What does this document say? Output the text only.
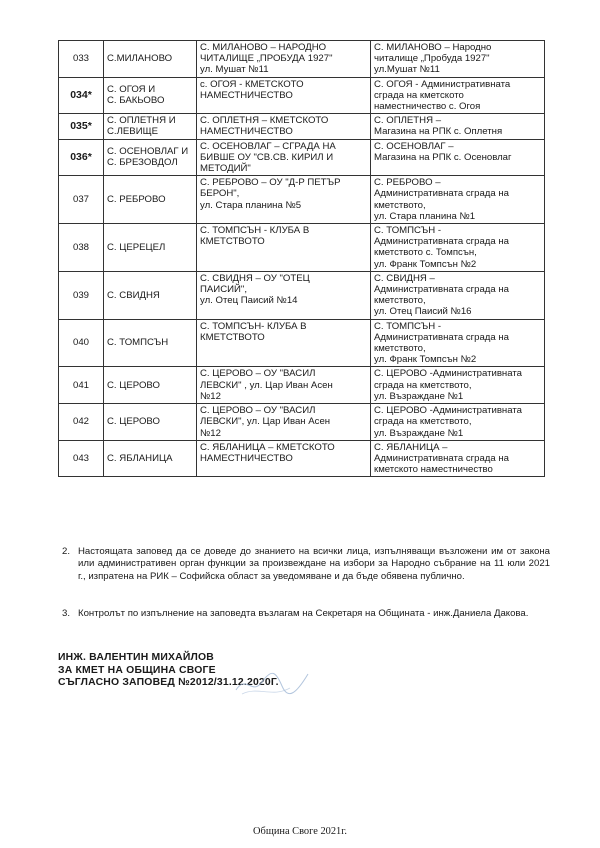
033	С.МИЛАНОВО	С. МИЛАНОВО – НАРОДНО
ЧИТАЛИЩЕ „ПРОБУДА 1927"
ул. Мушат №11	С. МИЛАНОВО – Народно
читалище „Пробуда 1927"
ул.Мушат №11

034*	С. ОГОЯ И
С. БАКЬОВО	с. ОГОЯ - КМЕТСКОТО
НАМЕСТНИЧЕСТВО	С. ОГОЯ - Административната
сграда на кметското
наместничество с. Огоя

035*	С. ОПЛЕТНЯ И
С.ЛЕВИЩЕ	С. ОПЛЕТНЯ – КМЕТСКОТО
НАМЕСТНИЧЕСТВО	С. ОПЛЕТНЯ –
Магазина на РПК с. Оплетня

036*	С. ОСЕНОВЛАГ И
С. БРЕЗОВДОЛ	С. ОСЕНОВЛАГ – СГРАДА НА
БИВШЕ ОУ "СВ.СВ. КИРИЛ И
МЕТОДИЙ"	С. ОСЕНОВЛАГ –
Магазина на РПК с. Осеновлаг

037	С. РЕБРОВО	С. РЕБРОВО – ОУ "Д-Р ПЕТЪР
БЕРОН",
ул. Стара планина №5	С. РЕБРОВО –
Административната сграда на
кметството,
ул. Стара планина №1

038	С. ЦЕРЕЦЕЛ	С. ТОМПСЪН - КЛУБА В
КМЕТСТВОТО	С. ТОМПСЪН -
Административната сграда на
кметството с. Томпсън,
ул. Франк Томпсън №2

039	С. СВИДНЯ	С. СВИДНЯ – ОУ "ОТЕЦ
ПАИСИЙ",
ул. Отец Паисий №14	С. СВИДНЯ –
Административната сграда на
кметството,
ул. Отец Паисий №16

040	С. ТОМПСЪН	С. ТОМПСЪН- КЛУБА В
КМЕТСТВОТО	С. ТОМПСЪН -
Административната сграда на
кметството,
ул. Франк Томпсън №2

041	С. ЦЕРОВО	С. ЦЕРОВО – ОУ "ВАСИЛ
ЛЕВСКИ" , ул. Цар Иван Асен
№12	С. ЦЕРОВО -Административната
сграда на кметството,
ул. Възраждане №1

042	С. ЦЕРОВО	С. ЦЕРОВО – ОУ "ВАСИЛ
ЛЕВСКИ", ул. Цар Иван Асен
№12	С. ЦЕРОВО -Административната
сграда на кметството,
ул. Възраждане №1

043	С. ЯБЛАНИЦА	С. ЯБЛАНИЦА – КМЕТСКОТО
НАМЕСТНИЧЕСТВО	С. ЯБЛАНИЦА –
Административната сграда на
кметското наместничество
2. Настоящата заповед да се доведе до знанието на всички лица, изпълняващи възложени им от закона или административен орган функции за произвеждане на избори за Народно събрание на 11 юли 2021 г., изпратена на РИК – Софийска област за уведомяване и да бъде обявена публично.
3. Контролът по изпълнение на заповедта възлагам на Секретаря на Общината - инж.Даниела Дакова.
ИНЖ. ВАЛЕНТИН МИХАЙЛОВ
ЗА КМЕТ НА ОБЩИНА СВОГЕ
СЪГЛАСНО ЗАПОВЕД №2012/31.12.2020Г.
Община Своге 2021г.
